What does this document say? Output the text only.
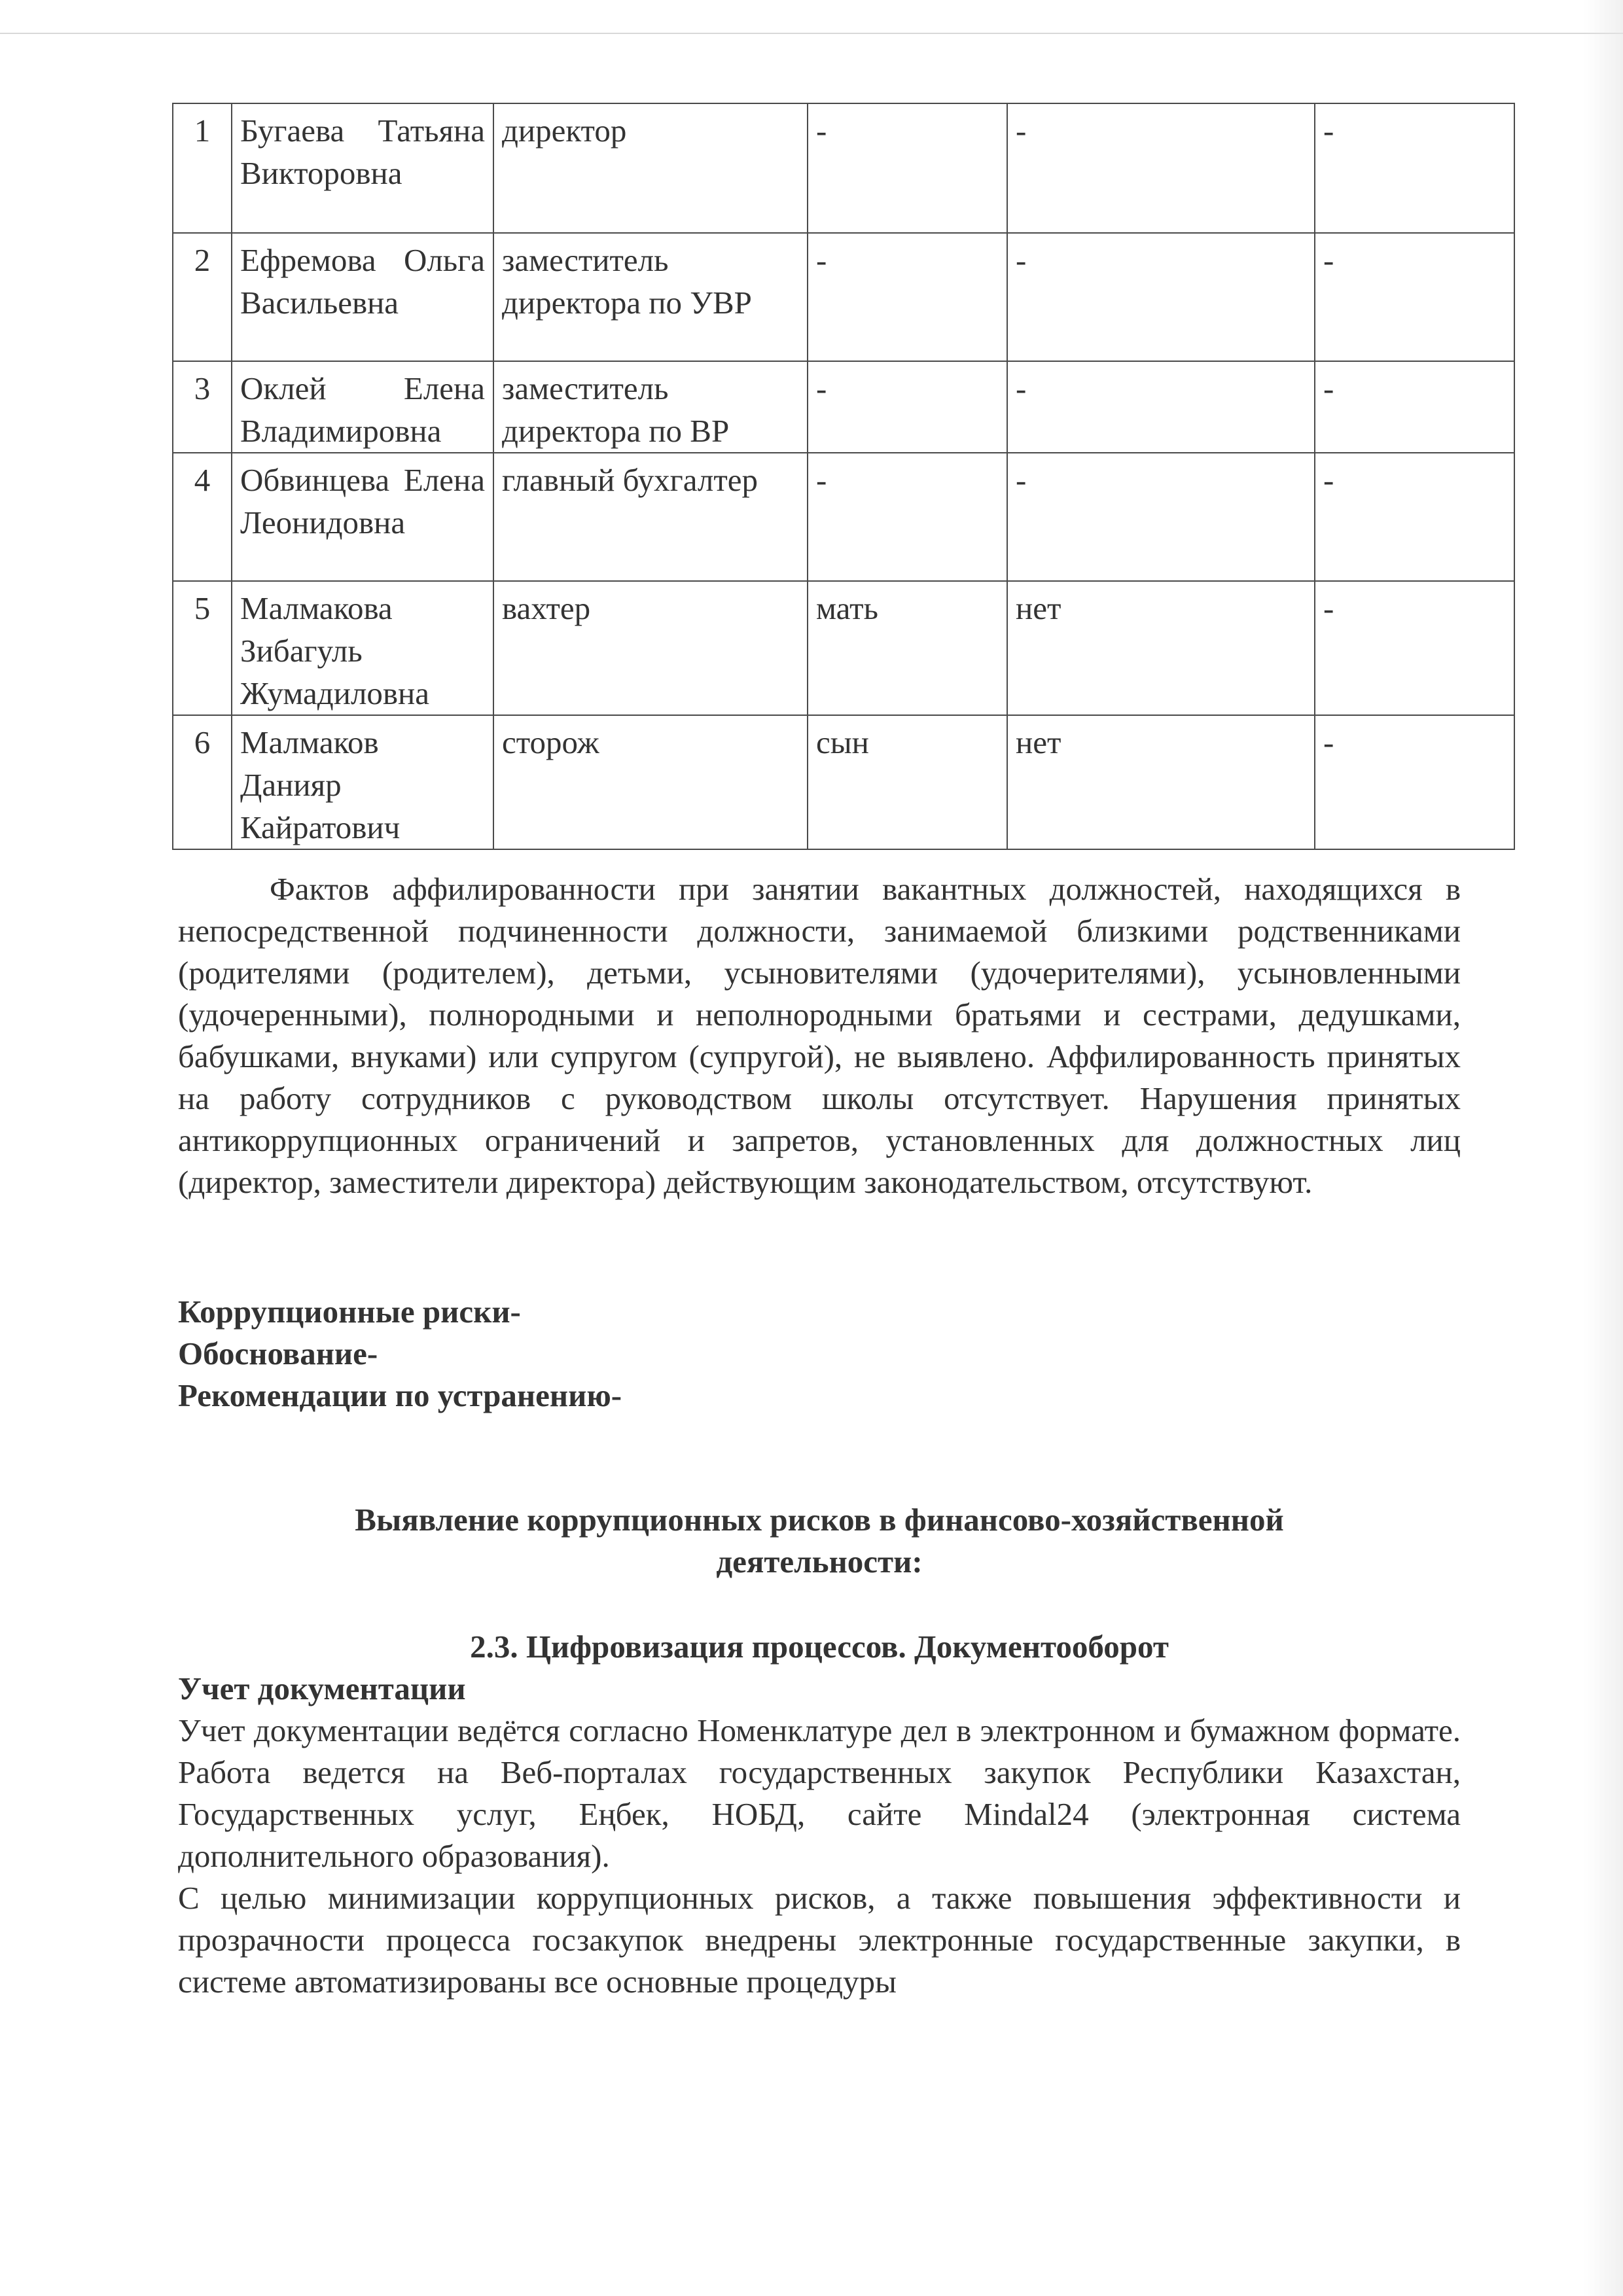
1	Бугаева Татьяна Викторовна	директор	-	-	-
2	Ефремова Ольга Васильевна	заместитель директора по УВР	-	-	-
3	Оклей Елена Владимировна	заместитель директора по ВР	-	-	-
4	Обвинцева Елена Леонидовна	главный бухгалтер	-	-	-
5	Малмакова Зибагуль Жумадиловна	вахтер	мать	нет	-
6	Малмаков Данияр Кайратович	сторож	сын	нет	-

Фактов аффилированности при занятии вакантных должностей, находящихся в непосредственной подчиненности должности, занимаемой близкими родственниками (родителями (родителем), детьми, усыновителями (удочерителями), усыновленными (удочеренными), полнородными и неполнородными братьями и сестрами, дедушками, бабушками, внуками) или супругом (супругой), не выявлено. Аффилированность принятых на работу сотрудников с руководством школы отсутствует. Нарушения принятых антикоррупционных ограничений и запретов, установленных для должностных лиц (директор, заместители директора) действующим законодательством, отсутствуют.

Коррупционные риски-

Обоснование-

Рекомендации по устранению-

Выявление коррупционных рисков в финансово-хозяйственной деятельности:

2.3. Цифровизация процессов. Документооборот

Учет документации

Учет документации ведётся согласно Номенклатуре дел в электронном и бумажном формате. Работа ведется на Веб-порталах государственных закупок Республики Казахстан, Государственных услуг, Еңбек, НОБД, сайте Mindal24 (электронная система дополнительного образования).

С целью минимизации коррупционных рисков, а также повышения эффективности и прозрачности процесса госзакупок внедрены электронные государственные закупки, в системе автоматизированы все основные процедуры
